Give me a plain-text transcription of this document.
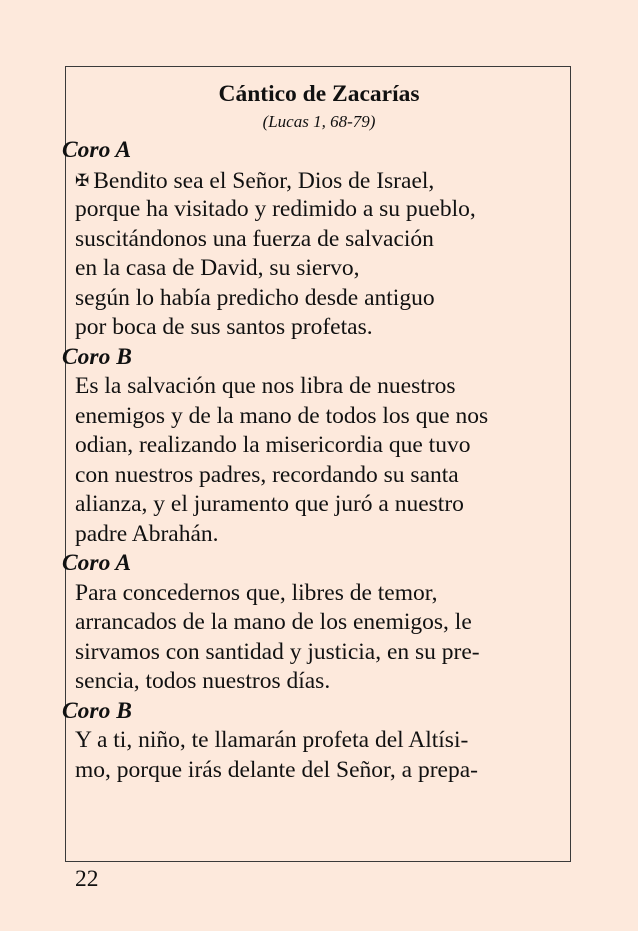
Cántico de Zacarías
(Lucas 1, 68-79)
Coro A
✠ Bendito sea el Señor, Dios de Israel,
porque ha visitado y redimido a su pueblo,
suscitándonos una fuerza de salvación
en la casa de David, su siervo,
según lo había predicho desde antiguo
por boca de sus santos profetas.
Coro B
Es la salvación que nos libra de nuestros
enemigos y de la mano de todos los que nos
odian, realizando la misericordia que tuvo
con nuestros padres, recordando su santa
alianza, y el juramento que juró a nuestro
padre Abrahán.
Coro A
Para concedernos que, libres de temor,
arrancados de la mano de los enemigos, le
sirvamos con santidad y justicia, en su pre-
sencia, todos nuestros días.
Coro B
Y a ti, niño, te llamarán profeta del Altísi-
mo, porque irás delante del Señor, a prepa-
22
